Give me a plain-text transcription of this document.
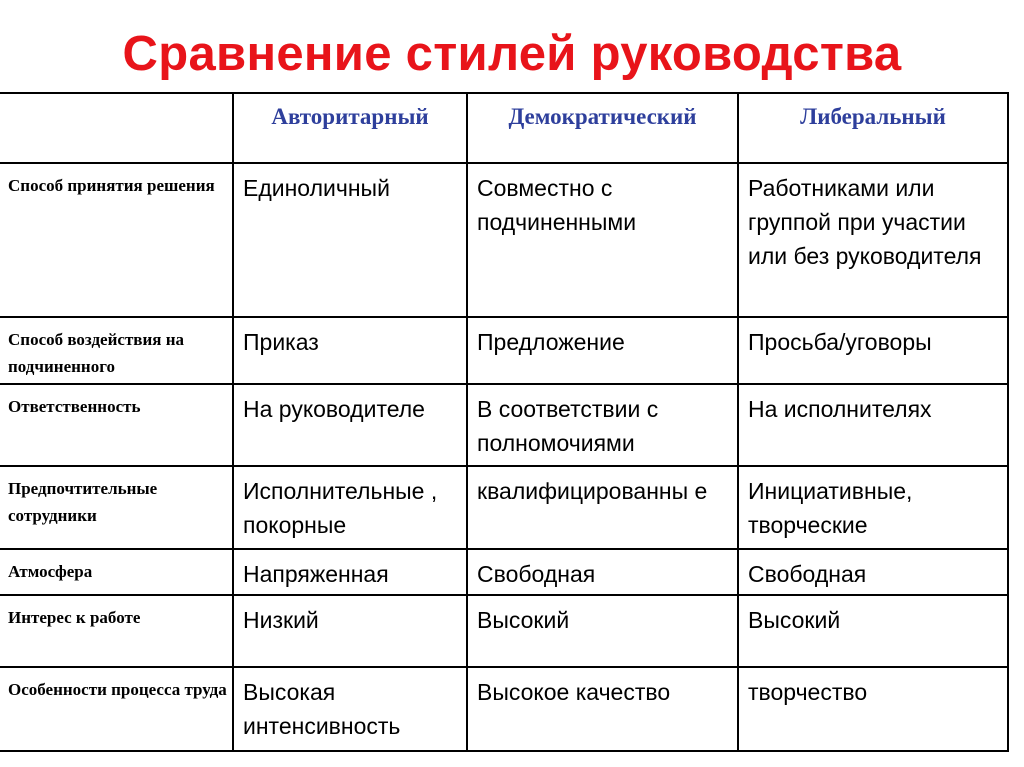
Сравнение стилей руководства
	Авторитарный	Демократический	Либеральный
Способ принятия решения	Единоличный	Совместно с подчиненными	Работниками или группой при участии или без руководителя
Способ воздействия на подчиненного	Приказ	Предложение	Просьба/уговоры
Ответственность	На руководителе	В соответствии с полномочиями	На исполнителях
Предпочтительные сотрудники	Исполнительные , покорные	квалифицированны е	Инициативные, творческие
Атмосфера	Напряженная	Свободная	Свободная
Интерес к работе	Низкий	Высокий	Высокий
Особенности процесса труда	Высокая интенсивность	Высокое качество	творчество
